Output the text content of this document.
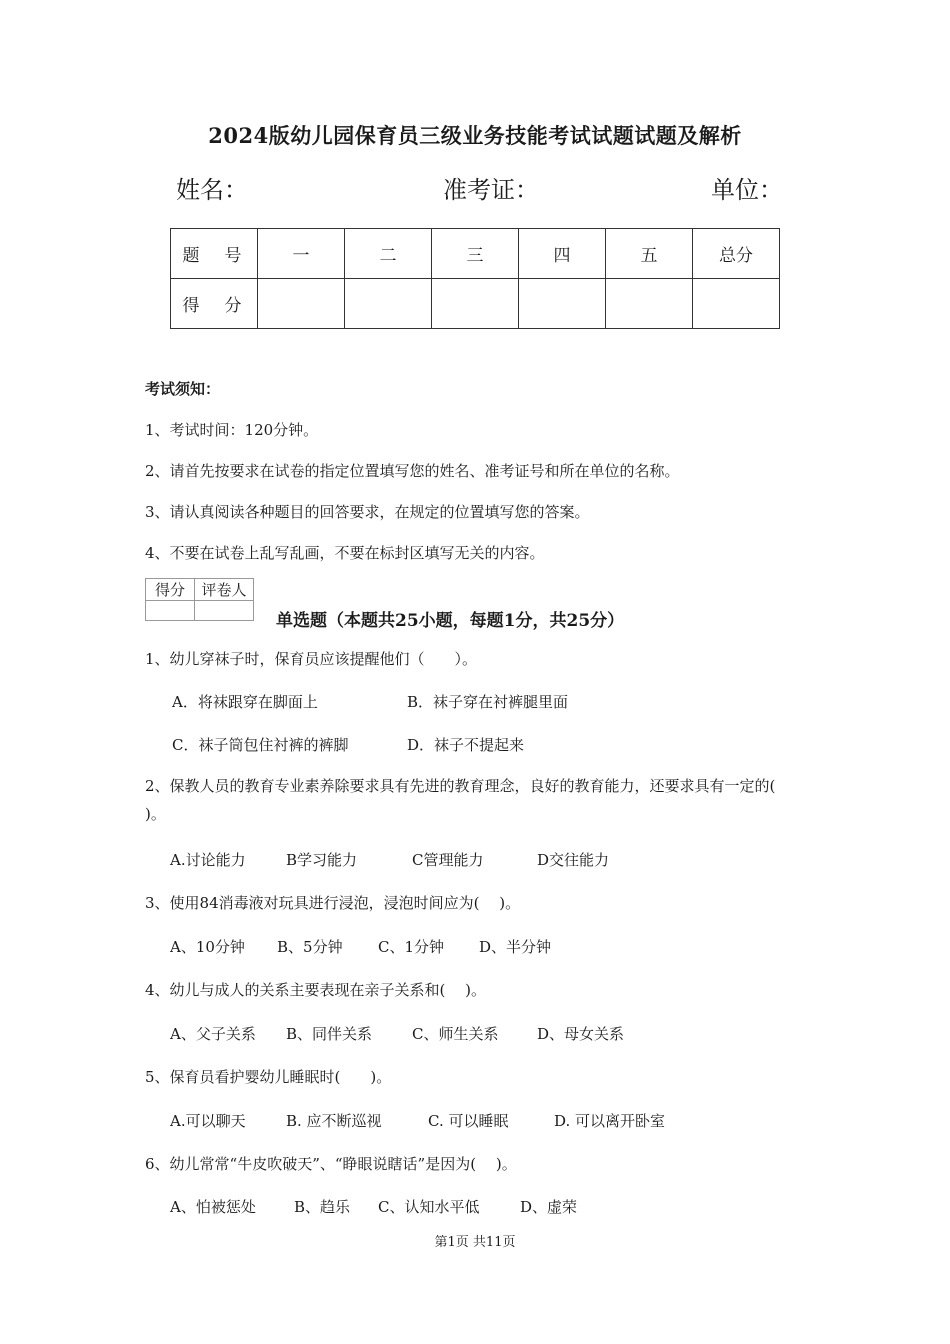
2024版幼儿园保育员三级业务技能考试试题试题及解析
姓名：	准考证：	单位：
题　号	一	二	三	四	五	总分
得　分						
考试须知：
1、考试时间：120分钟。
2、请首先按要求在试卷的指定位置填写您的姓名、准考证号和所在单位的名称。
3、请认真阅读各种题目的回答要求，在规定的位置填写您的答案。
4、不要在试卷上乱写乱画，不要在标封区填写无关的内容。
得分	评卷人

单选题（本题共25小题，每题1分，共25分）
1、幼儿穿袜子时，保育员应该提醒他们（　　）。
A．将袜跟穿在脚面上	B．袜子穿在衬裤腿里面
C．袜子筒包住衬裤的裤脚	D．袜子不提起来
2、保教人员的教育专业素养除要求具有先进的教育理念，良好的教育能力，还要求具有一定的(　 )。
A.讨论能力	B学习能力	C管理能力	D交往能力
3、使用84消毒液对玩具进行浸泡，浸泡时间应为(　 )。
A、10分钟 B、5分钟 C、1分钟 D、半分钟
4、幼儿与成人的关系主要表现在亲子关系和(　 )。
A、父子关系 B、同伴关系	C、师生关系	D、母女关系
5、保育员看护婴幼儿睡眠时(　　)。
A.可以聊天	B. 应不断巡视	C. 可以睡眠	D. 可以离开卧室
6、幼儿常常“牛皮吹破天”、“睁眼说瞎话”是因为(　 )。
A、怕被惩处	B、趋乐 C、认知水平低	D、虚荣
第1页 共11页
